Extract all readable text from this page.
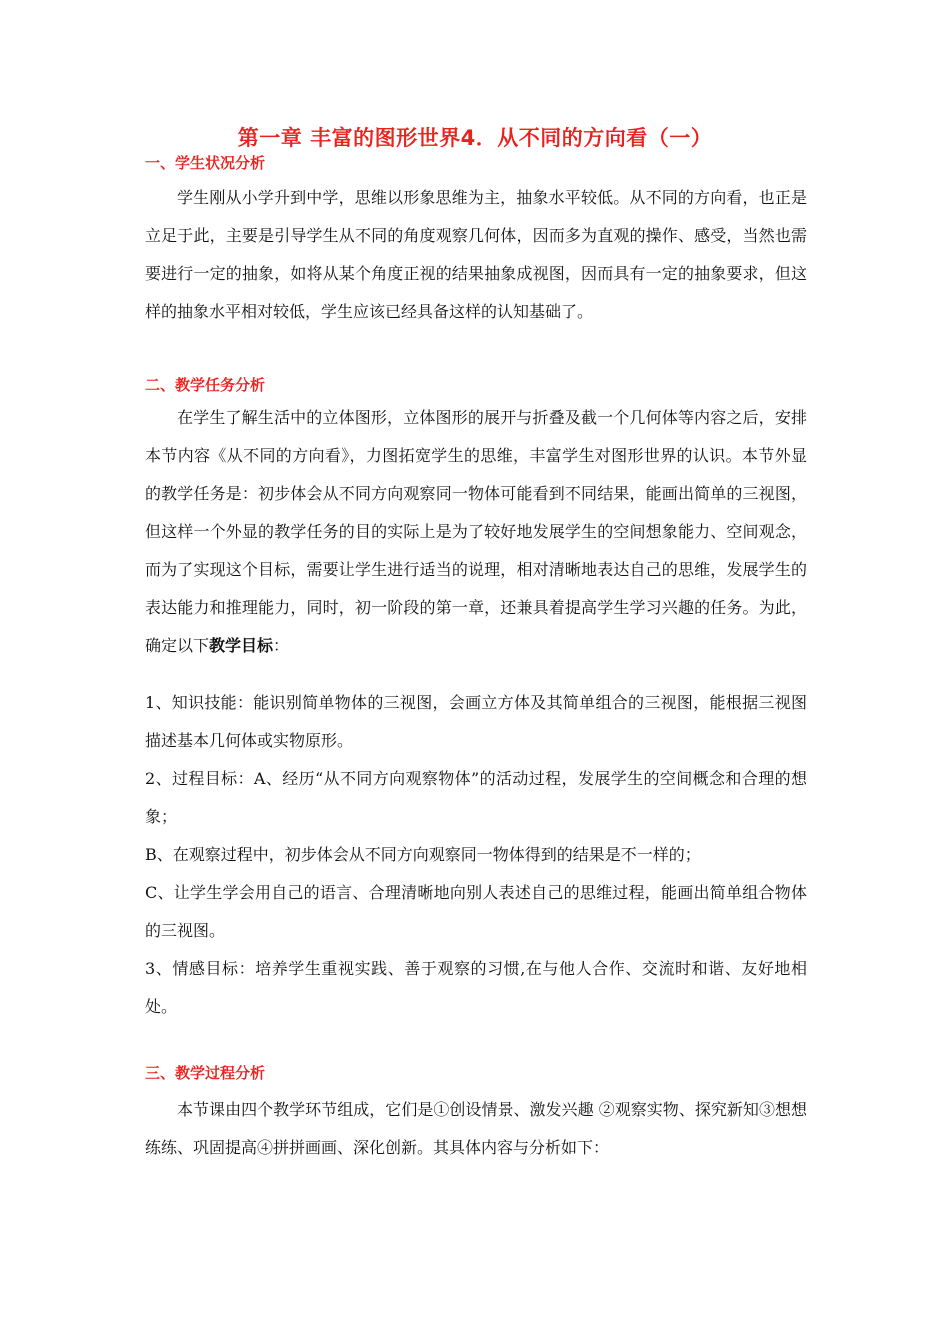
第一章 丰富的图形世界4．从不同的方向看（一）
一、学生状况分析
学生刚从小学升到中学，思维以形象思维为主，抽象水平较低。从不同的方向看，也正是立足于此，主要是引导学生从不同的角度观察几何体，因而多为直观的操作、感受，当然也需要进行一定的抽象，如将从某个角度正视的结果抽象成视图，因而具有一定的抽象要求，但这样的抽象水平相对较低，学生应该已经具备这样的认知基础了。
二、教学任务分析
在学生了解生活中的立体图形，立体图形的展开与折叠及截一个几何体等内容之后，安排本节内容《从不同的方向看》，力图拓宽学生的思维，丰富学生对图形世界的认识。本节外显的教学任务是：初步体会从不同方向观察同一物体可能看到不同结果，能画出简单的三视图，但这样一个外显的教学任务的目的实际上是为了较好地发展学生的空间想象能力、空间观念，而为了实现这个目标，需要让学生进行适当的说理，相对清晰地表达自己的思维，发展学生的表达能力和推理能力，同时，初一阶段的第一章，还兼具着提高学生学习兴趣的任务。为此，确定以下教学目标：
1、知识技能：能识别简单物体的三视图，会画立方体及其简单组合的三视图，能根据三视图描述基本几何体或实物原形。
2、过程目标：A、经历“从不同方向观察物体”的活动过程，发展学生的空间概念和合理的想象；
B、在观察过程中，初步体会从不同方向观察同一物体得到的结果是不一样的；
C、让学生学会用自己的语言、合理清晰地向别人表述自己的思维过程，能画出简单组合物体的三视图。
3、情感目标：培养学生重视实践、善于观察的习惯,在与他人合作、交流时和谐、友好地相处。
三、教学过程分析
本节课由四个教学环节组成，它们是①创设情景、激发兴趣 ②观察实物、探究新知③想想练练、巩固提高④拼拼画画、深化创新。其具体内容与分析如下：
